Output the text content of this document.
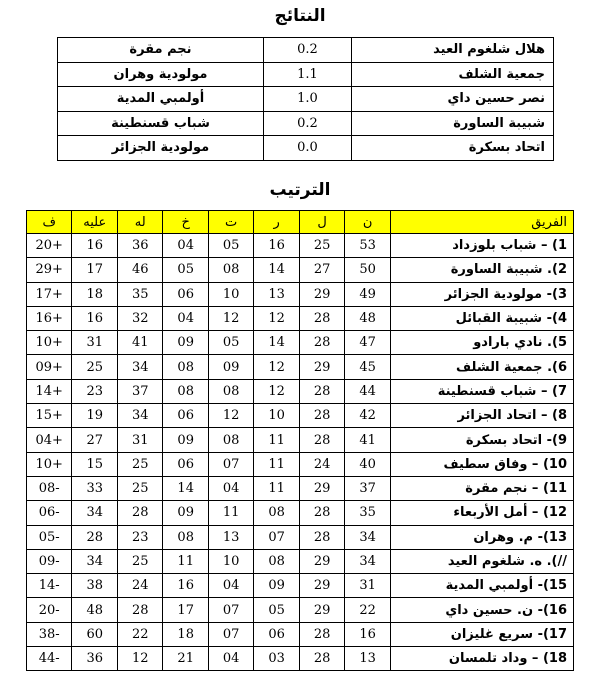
النتائج
نجم مقرة	0.2	هلال شلغوم العيد
مولودية وهران	1.1	جمعية الشلف
أولمبي المدية	1.0	نصر حسين داي
شباب قسنطينة	0.2	شبيبة الساورة
مولودية الجزائر	0.0	اتحاد بسكرة
الترتيب
ف	عليه	له	خ	ت	ر	ل	ن	الفريق
20+	16	36	04	05	16	25	53	1) – شباب بلوزداد
29+	17	46	05	08	14	27	50	2). شبيبة الساورة
17+	18	35	06	10	13	29	49	3)- مولودية الجزائر
16+	16	32	04	12	12	28	48	4)- شبيبة القبائل
10+	31	41	09	05	14	28	47	5). نادي بارادو
09+	25	34	08	09	12	29	45	6). جمعية الشلف
14+	23	37	08	08	12	28	44	7) – شباب قسنطينة
15+	19	34	06	12	10	28	42	8) – اتحاد الجزائر
04+	27	31	09	08	11	28	41	9)- اتحاد بسكرة
10+	15	25	06	07	11	24	40	10) – وفاق سطيف
08-	33	25	14	04	11	29	37	11) – نجم مقرة
06-	34	28	09	11	08	28	35	12) – أمل الأربعاء
05-	28	23	08	13	07	28	34	13)- م. وهران
09-	34	25	11	10	08	29	34	//). ه. شلغوم العيد
14-	38	24	16	04	09	29	31	15)- أولمبي المدية
20-	48	28	17	07	05	29	22	16)- ن. حسين داي
38-	60	22	18	07	06	28	16	17)- سريع غليزان
44-	36	12	21	04	03	28	13	18) – وداد تلمسان
